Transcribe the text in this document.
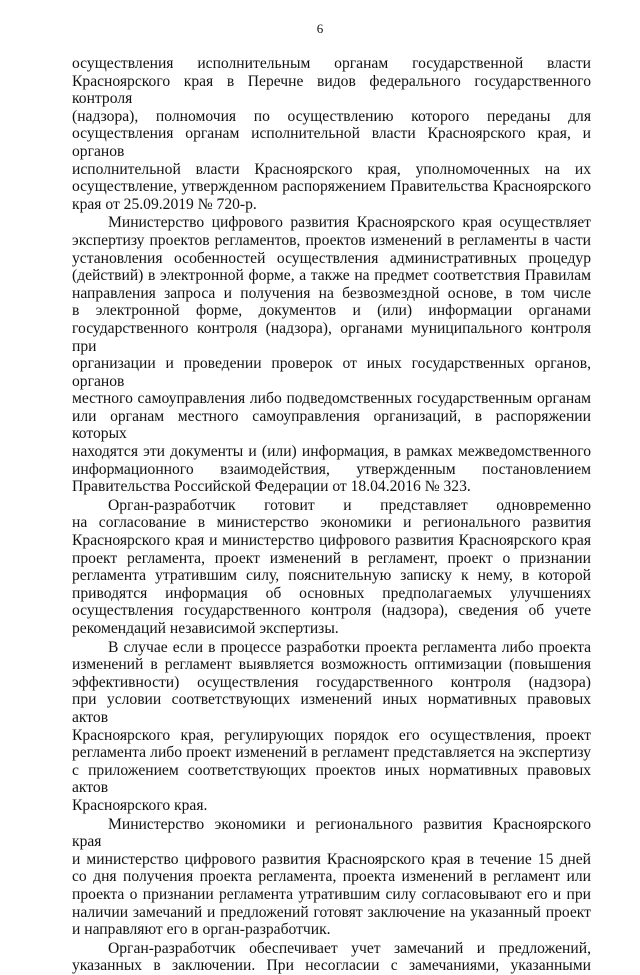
6

осуществления исполнительным органам государственной власти
Красноярского края в Перечне видов федерального государственного контроля
(надзора), полномочия по осуществлению которого переданы для
осуществления органам исполнительной власти Красноярского края, и органов
исполнительной власти Красноярского края, уполномоченных на их
осуществление, утвержденном распоряжением Правительства Красноярского
края от 25.09.2019 № 720-р.

Министерство цифрового развития Красноярского края осуществляет
экспертизу проектов регламентов, проектов изменений в регламенты в части
установления особенностей осуществления административных процедур
(действий) в электронной форме, а также на предмет соответствия Правилам
направления запроса и получения на безвозмездной основе, в том числе
в электронной форме, документов и (или) информации органами
государственного контроля (надзора), органами муниципального контроля при
организации и проведении проверок от иных государственных органов, органов
местного самоуправления либо подведомственных государственным органам
или органам местного самоуправления организаций, в распоряжении которых
находятся эти документы и (или) информация, в рамках межведомственного
информационного взаимодействия, утвержденным постановлением
Правительства Российской Федерации от 18.04.2016 № 323.

Орган-разработчик готовит и представляет одновременно
на согласование в министерство экономики и регионального развития
Красноярского края и министерство цифрового развития Красноярского края
проект регламента, проект изменений в регламент, проект о признании
регламента утратившим силу, пояснительную записку к нему, в которой
приводятся информация об основных предполагаемых улучшениях
осуществления государственного контроля (надзора), сведения об учете
рекомендаций независимой экспертизы.

В случае если в процессе разработки проекта регламента либо проекта
изменений в регламент выявляется возможность оптимизации (повышения
эффективности) осуществления государственного контроля (надзора)
при условии соответствующих изменений иных нормативных правовых актов
Красноярского края, регулирующих порядок его осуществления, проект
регламента либо проект изменений в регламент представляется на экспертизу
с приложением соответствующих проектов иных нормативных правовых актов
Красноярского края.

Министерство экономики и регионального развития Красноярского края
и министерство цифрового развития Красноярского края в течение 15 дней
со дня получения проекта регламента, проекта изменений в регламент или
проекта о признании регламента утратившим силу согласовывают его и при
наличии замечаний и предложений готовят заключение на указанный проект
и направляют его в орган-разработчик.

Орган-разработчик обеспечивает учет замечаний и предложений,
указанных в заключении. При несогласии с замечаниями, указанными
